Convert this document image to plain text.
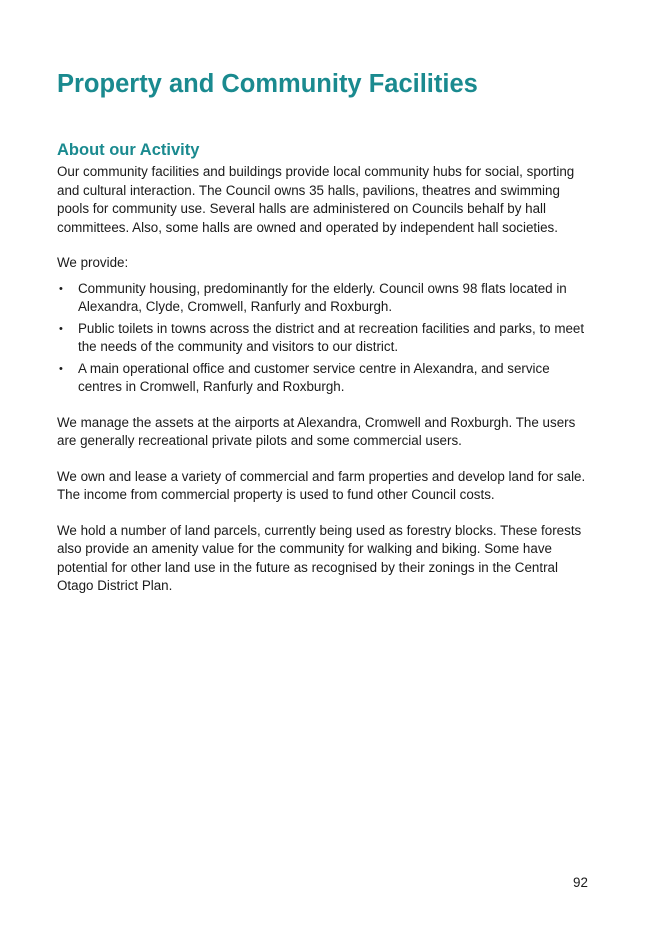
Property and Community Facilities
About our Activity

Our community facilities and buildings provide local community hubs for social, sporting and cultural interaction. The Council owns 35 halls, pavilions, theatres and swimming pools for community use. Several halls are administered on Councils behalf by hall committees. Also, some halls are owned and operated by independent hall societies.

We provide:

• Community housing, predominantly for the elderly. Council owns 98 flats located in Alexandra, Clyde, Cromwell, Ranfurly and Roxburgh.
• Public toilets in towns across the district and at recreation facilities and parks, to meet the needs of the community and visitors to our district.
• A main operational office and customer service centre in Alexandra, and service centres in Cromwell, Ranfurly and Roxburgh.

We manage the assets at the airports at Alexandra, Cromwell and Roxburgh. The users are generally recreational private pilots and some commercial users.

We own and lease a variety of commercial and farm properties and develop land for sale. The income from commercial property is used to fund other Council costs.

We hold a number of land parcels, currently being used as forestry blocks. These forests also provide an amenity value for the community for walking and biking. Some have potential for other land use in the future as recognised by their zonings in the Central Otago District Plan.

92
